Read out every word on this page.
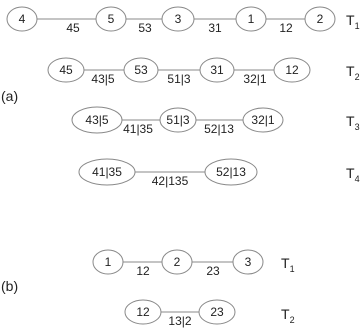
4	5	3	1	2
45	53	31	12
43|5	51|3	32|1
41|35	52|13
1	2	3
12	23
45	53	31	12
43|5	51|3	32|1
41|35	52|13
42|135
12	23
13|2
$T_1$
$T_2$
$T_3$
$T_4$
$T_1$
$T_2$
(a)
(b)
